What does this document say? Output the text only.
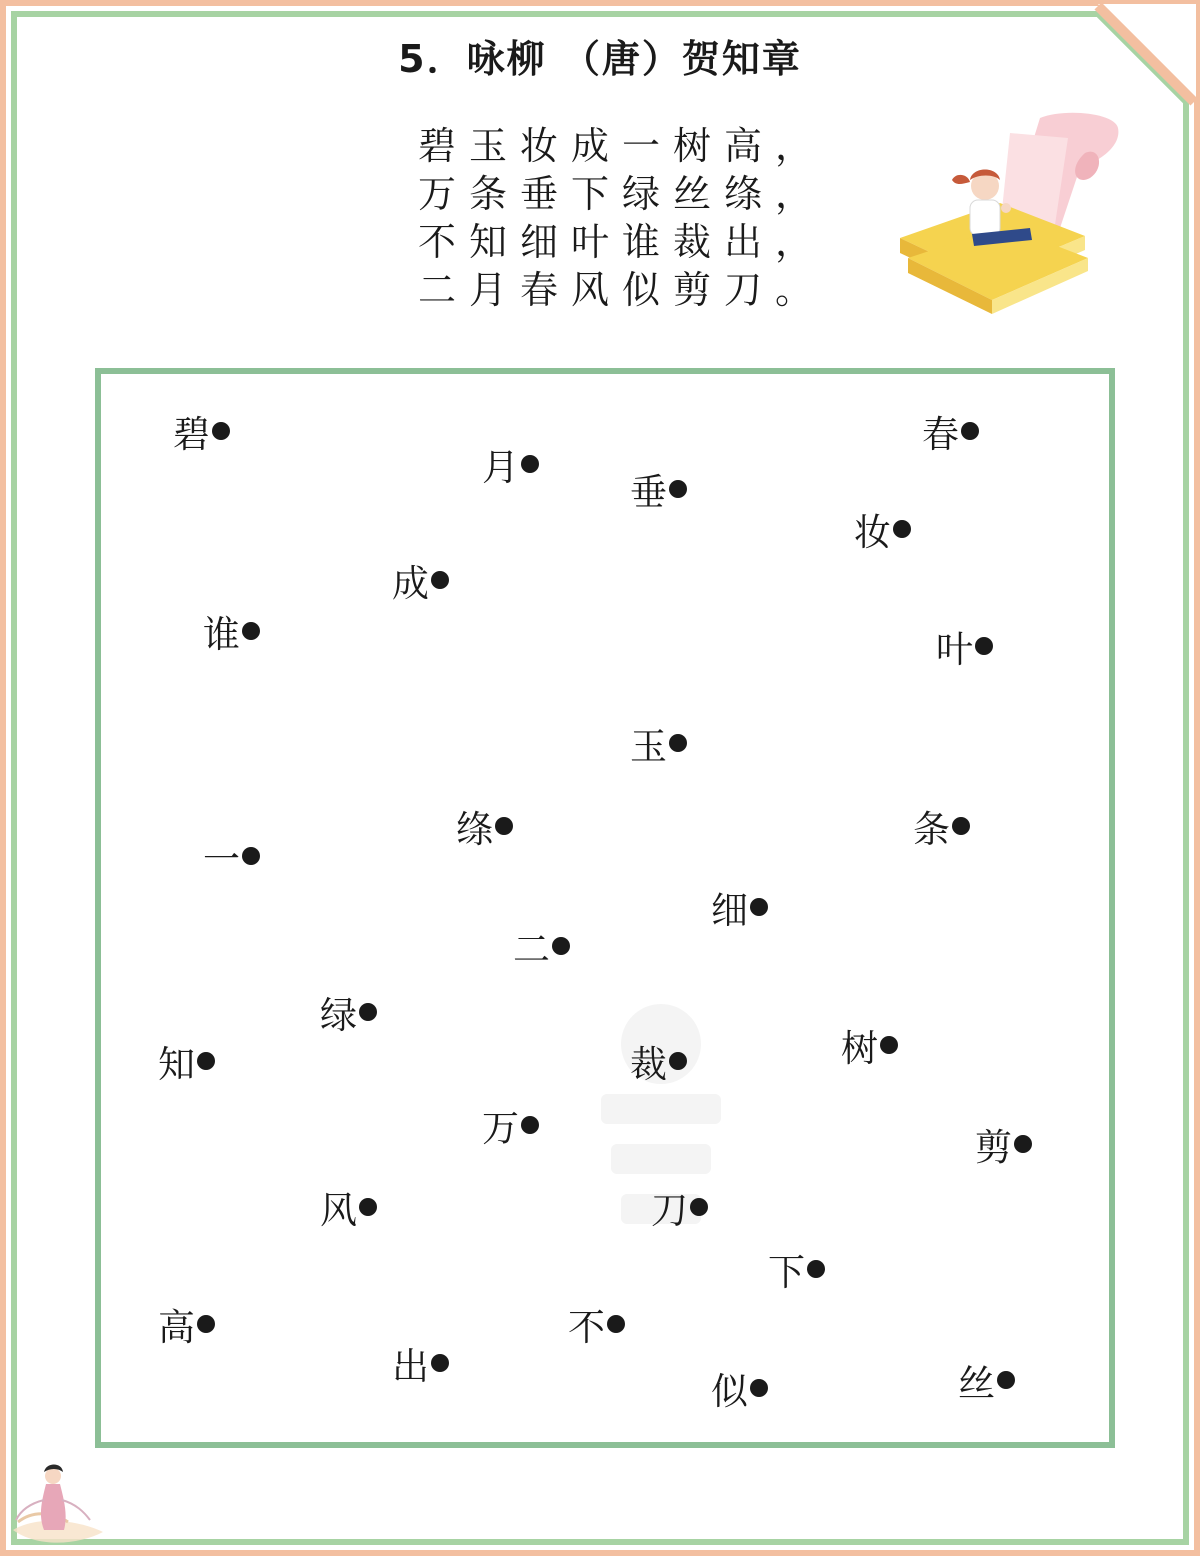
5．咏柳 （唐）贺知章
碧玉妆成一树高，
万条垂下绿丝绦，
不知细叶谁裁出，
二月春风似剪刀。
碧
月
垂
春
妆
成
谁	叶
玉
绦	条
一
细
二
绿
知	裁	树
万	剪
风	刀
下
高	不
出
似	丝
